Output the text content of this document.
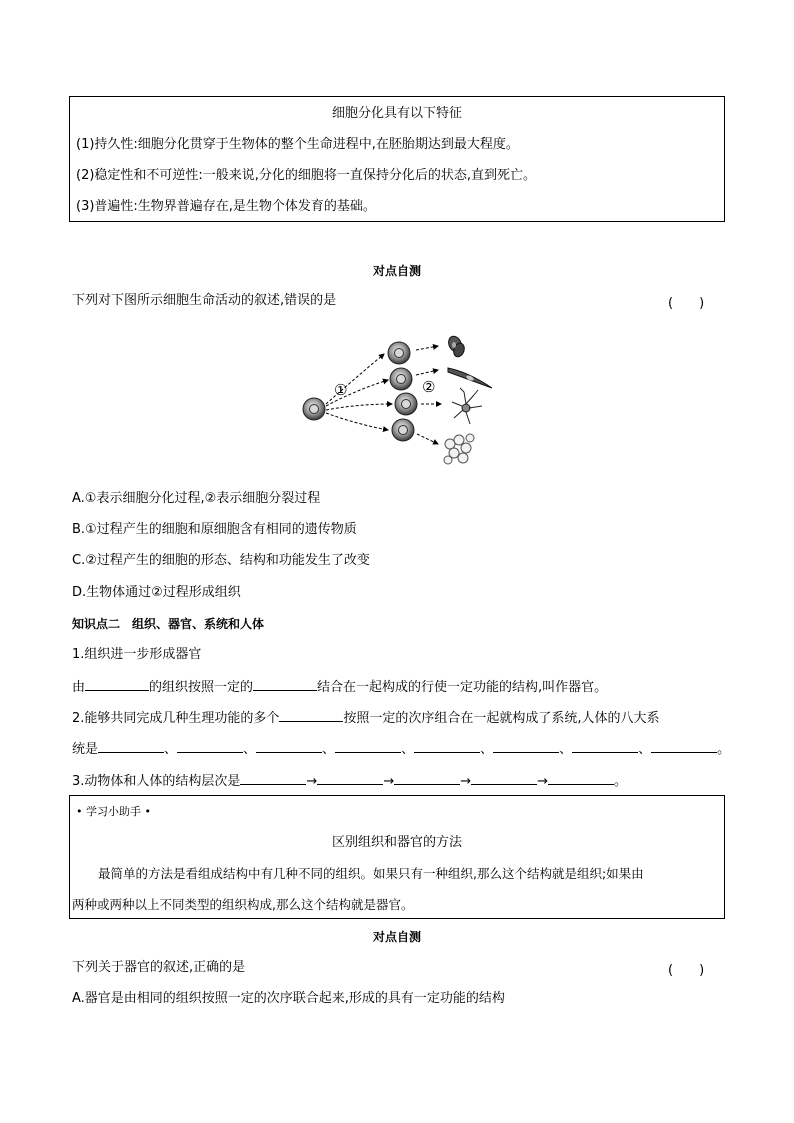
细胞分化具有以下特征
(1)持久性:细胞分化贯穿于生物体的整个生命进程中,在胚胎期达到最大程度。
(2)稳定性和不可逆性:一般来说,分化的细胞将一直保持分化后的状态,直到死亡。
(3)普遍性:生物界普遍存在,是生物个体发育的基础。
对点自测
下列对下图所示细胞生命活动的叙述,错误的是	(　　)
①	②
A.①表示细胞分化过程,②表示细胞分裂过程
B.①过程产生的细胞和原细胞含有相同的遗传物质
C.②过程产生的细胞的形态、结构和功能发生了改变
D.生物体通过②过程形成组织
知识点二　组织、器官、系统和人体
1.组织进一步形成器官
由	的组织按照一定的	结合在一起构成的行使一定功能的结构,叫作器官。
2.能够共同完成几种生理功能的多个	按照一定的次序组合在一起就构成了系统,人体的八大系
统是	、	、	、	、	、	、	、	。
3.动物体和人体的结构层次是	→	→	→	→	。
• 学习小助手 •
区别组织和器官的方法
最简单的方法是看组成结构中有几种不同的组织。如果只有一种组织,那么这个结构就是组织;如果由
两种或两种以上不同类型的组织构成,那么这个结构就是器官。
对点自测
下列关于器官的叙述,正确的是	(　　)
A.器官是由相同的组织按照一定的次序联合起来,形成的具有一定功能的结构
